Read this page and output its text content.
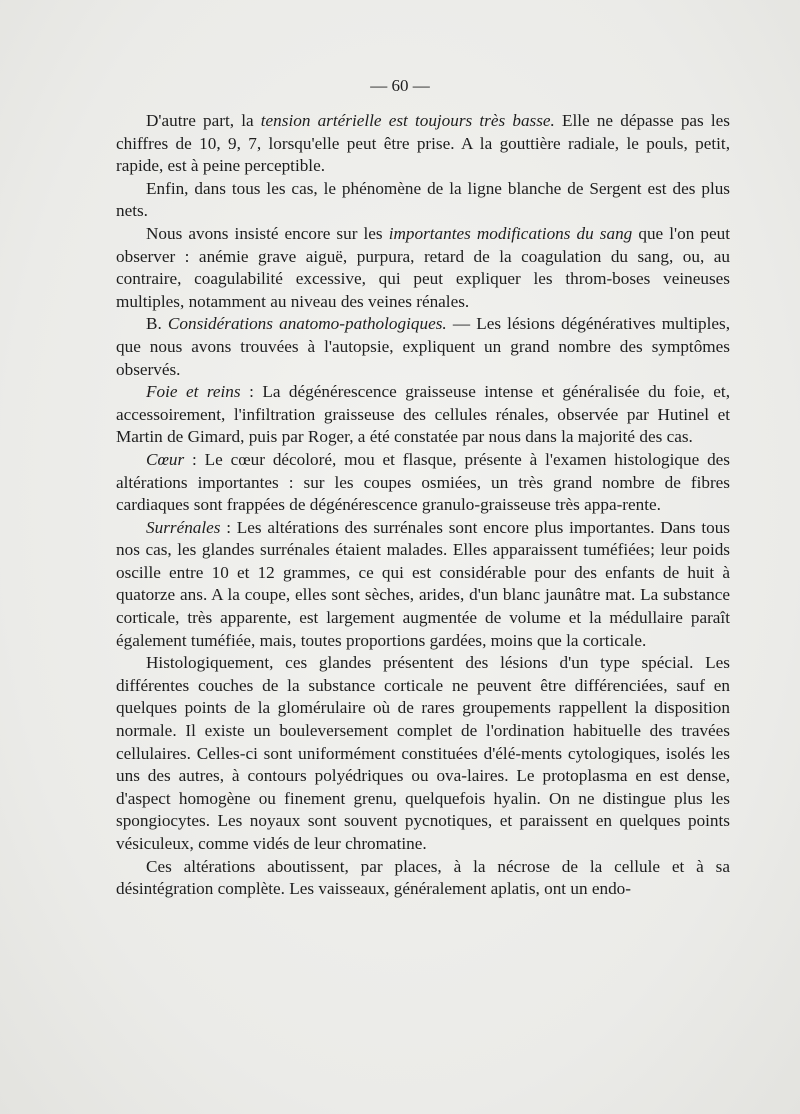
— 60 —

D'autre part, la tension artérielle est toujours très basse. Elle ne dépasse pas les chiffres de 10, 9, 7, lorsqu'elle peut être prise. A la gouttière radiale, le pouls, petit, rapide, est à peine perceptible.

Enfin, dans tous les cas, le phénomène de la ligne blanche de Sergent est des plus nets.

Nous avons insisté encore sur les importantes modifications du sang que l'on peut observer : anémie grave aiguë, purpura, retard de la coagulation du sang, ou, au contraire, coagulabilité excessive, qui peut expliquer les throm-boses veineuses multiples, notamment au niveau des veines rénales.

B. Considérations anatomo-pathologiques. — Les lésions dégénératives multiples, que nous avons trouvées à l'autopsie, expliquent un grand nombre des symptômes observés.

Foie et reins : La dégénérescence graisseuse intense et généralisée du foie, et, accessoirement, l'infiltration graisseuse des cellules rénales, observée par Hutinel et Martin de Gimard, puis par Roger, a été constatée par nous dans la majorité des cas.

Cœur : Le cœur décoloré, mou et flasque, présente à l'examen histologique des altérations importantes : sur les coupes osmiées, un très grand nombre de fibres cardiaques sont frappées de dégénérescence granulo-graisseuse très appa-rente.

Surrénales : Les altérations des surrénales sont encore plus importantes. Dans tous nos cas, les glandes surrénales étaient malades. Elles apparaissent tuméfiées; leur poids oscille entre 10 et 12 grammes, ce qui est considérable pour des enfants de huit à quatorze ans. A la coupe, elles sont sèches, arides, d'un blanc jaunâtre mat. La substance corticale, très apparente, est largement augmentée de volume et la médullaire paraît également tuméfiée, mais, toutes proportions gardées, moins que la corticale.

Histologiquement, ces glandes présentent des lésions d'un type spécial. Les différentes couches de la substance corticale ne peuvent être différenciées, sauf en quelques points de la glomérulaire où de rares groupements rappellent la disposition normale. Il existe un bouleversement complet de l'ordination habituelle des travées cellulaires. Celles-ci sont uniformément constituées d'élé-ments cytologiques, isolés les uns des autres, à contours polyédriques ou ova-laires. Le protoplasma en est dense, d'aspect homogène ou finement grenu, quelquefois hyalin. On ne distingue plus les spongiocytes. Les noyaux sont souvent pycnotiques, et paraissent en quelques points vésiculeux, comme vidés de leur chromatine.

Ces altérations aboutissent, par places, à la nécrose de la cellule et à sa désintégration complète. Les vaisseaux, généralement aplatis, ont un endo-
